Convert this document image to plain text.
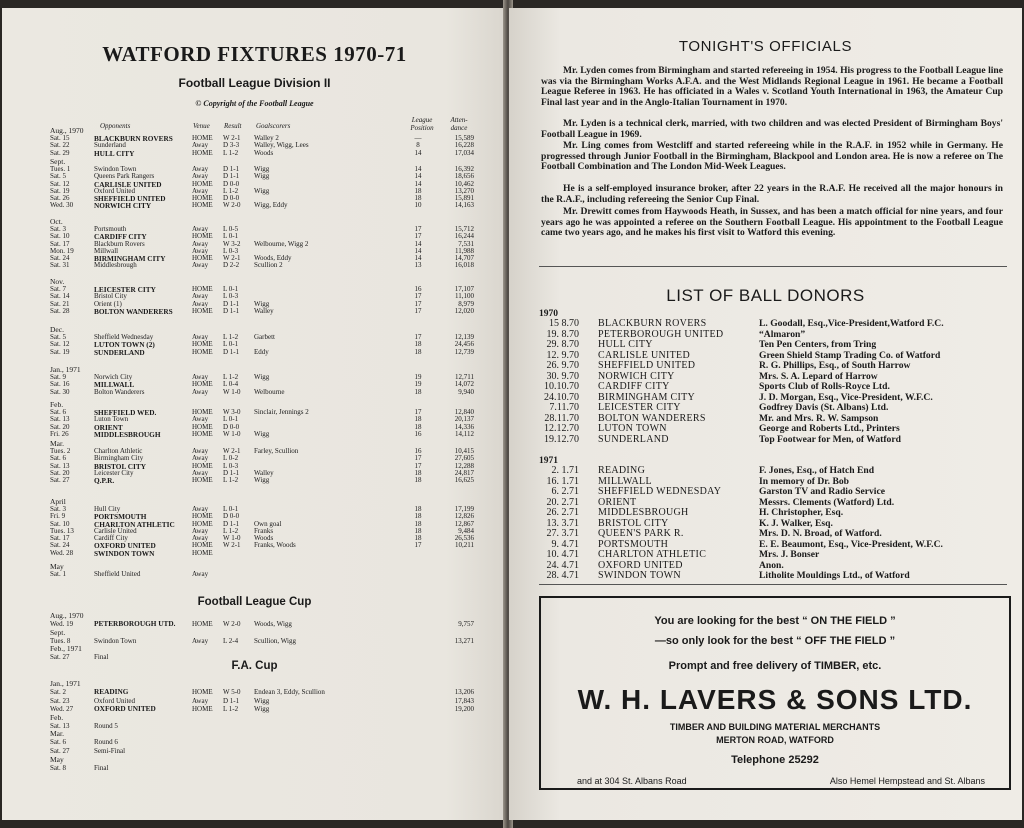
WATFORD FIXTURES 1970-71
Football League Division II
© Copyright of the Football League
Opponents	Venue Result Goalscorers
League Position
Atten- dance
Aug., 1970
Sat. 15	BLACKBURN ROVERS	HOME W 2-1 Walley 2	—	15,589
Sat. 22	Sunderland	Away D 3-3 Walley, Wigg, Lees	8	16,228
Sat. 29	HULL CITY	HOME L 1-2 Woods	14	17,034
Sept.
Tues. 1	Swindon Town	Away D 1-1 Wigg	14	16,392
Sat. 5	Queens Park Rangers	Away D 1-1 Wigg	14	18,656
Sat. 12	CARLISLE UNITED	HOME D 0-0	14	10,462
Sat. 19	Oxford United	Away L 1-2 Wigg	18	13,270
Sat. 26	SHEFFIELD UNITED	HOME D 0-0	18	15,891
Wed. 30	NORWICH CITY	HOME W 2-0 Wigg, Eddy	10	14,163
Oct.
Sat. 3	Portsmouth	Away L 0-5	17	15,712
Sat. 10	CARDIFF CITY	HOME L 0-1	17	16,244
Sat. 17	Blackburn Rovers	Away W 3-2 Welbourne, Wigg 2	14	7,531
Mon. 19	Millwall	Away L 0-3	14	11,988
Sat. 24	BIRMINGHAM CITY	HOME W 2-1 Woods, Eddy	14	14,707
Sat. 31	Middlesbrough	Away D 2-2 Scullion 2	13	16,018
Nov.
Sat. 7	LEICESTER CITY	HOME L 0-1	16	17,107
Sat. 14	Bristol City	Away L 0-3	17	11,100
Sat. 21	Orient (1)	Away D 1-1 Wigg	17	8,979
Sat. 28	BOLTON WANDERERS	HOME D 1-1 Walley	17	12,020
Dec.
Sat. 5	Sheffield Wednesday	Away L 1-2 Garbett	17	12,139
Sat. 12	LUTON TOWN (2)	HOME L 0-1	18	24,456
Sat. 19	SUNDERLAND	HOME D 1-1 Eddy	18	12,739
Jan., 1971
Sat. 9	Norwich City	Away L 1-2 Wigg	19	12,711
Sat. 16	MILLWALL	HOME L 0-4	19	14,072
Sat. 30	Bolton Wanderers	Away W 1-0 Welbourne	18	9,940
Feb.
Sat. 6	SHEFFIELD WED.	HOME W 3-0 Sinclair, Jennings 2	17	12,840
Sat. 13	Luton Town	Away L 0-1	18	20,137
Sat. 20	ORIENT	HOME D 0-0	18	14,336
Fri. 26	MIDDLESBROUGH	HOME W 1-0 Wigg	16	14,112
Mar.
Tues. 2	Charlton Athletic	Away W 2-1 Farley, Scullion	16	10,415
Sat. 6	Birmingham City	Away L 0-2	17	27,605
Sat. 13	BRISTOL CITY	HOME L 0-3	17	12,288
Sat. 20	Leicester City	Away D 1-1 Walley	18	24,817
Sat. 27	Q.P.R.	HOME L 1-2 Wigg	18	16,625
April
Sat. 3	Hull City	Away L 0-1	18	17,199
Fri. 9	PORTSMOUTH	HOME D 0-0	18	12,826
Sat. 10	CHARLTON ATHLETIC HOME D 1-1 Own goal	18	12,867
Tues. 13	Carlisle United	Away L 1-2 Franks	18	9,484
Sat. 17	Cardiff City	Away W 1-0 Woods	18	26,536
Sat. 24	OXFORD UNITED	HOME W 2-1 Franks, Woods	17	10,211
Wed. 28	SWINDON TOWN	HOME
May
Sat. 1	Sheffield United	Away
Football League Cup
Aug., 1970
Wed. 19	PETERBOROUGH UTD. HOME W 2-0 Woods, Wigg	9,757
Sept.
Tues. 8	Swindon Town	Away L 2-4 Scullion, Wigg	13,271
Feb., 1971
Sat. 27	Final
F.A. Cup
Jan., 1971
Sat. 2	READING	HOME W 5-0 Endean 3, Eddy, Scullion	13,206
Sat. 23	Oxford United	Away D 1-1 Wigg	17,843
Wed. 27	OXFORD UNITED	HOME L 1-2 Wigg	19,200
Feb.
Sat. 13	Round 5
Mar.
Sat. 6	Round 6
Sat. 27	Semi-Final
May
Sat. 8	Final
TONIGHT'S OFFICIALS

Mr. Lyden comes from Birmingham and started refereeing in 1954. His progress to the Football League line was via the Birmingham Works A.F.A. and the West Midlands Regional League in 1961. He became a Football League Referee in 1963. He has officiated in a Wales v. Scotland Youth International in 1963, the Amateur Cup Final last year and in the Anglo-Italian Tournament in 1970.

Mr. Lyden is a technical clerk, married, with two children and was elected President of Birmingham Boys' Football League in 1969.

Mr. Ling comes from Westcliff and started refereeing while in the R.A.F. in 1952 while in Germany. He progressed through Junior Football in the Birmingham, Blackpool and London area. He is now a referee on The Football Combination and The London Mid-Week Leagues.

He is a self-employed insurance broker, after 22 years in the R.A.F. He received all the major honours in the R.A.F., including refereeing the Senior Cup Final.

Mr. Drewitt comes from Haywoods Heath, in Sussex, and has been a match official for nine years, and four years ago he was appointed a referee on the Southern Football League. His appointment to the Football League came two years ago, and he makes his first visit to Watford this evening.

LIST OF BALL DONORS
1970
15 8.70 BLACKBURN ROVERS	L. Goodall, Esq.,Vice-President,Watford F.C.
19. 8.70 PETERBOROUGH UNITED	“Almaron”
29. 8.70 HULL CITY	Ten Pen Centers, from Tring
12. 9.70 CARLISLE UNITED	Green Shield Stamp Trading Co. of Watford
26. 9.70 SHEFFIELD UNITED	R. G. Phillips, Esq., of South Harrow
30. 9.70 NORWICH CITY	Mrs. S. A. Lepard of Harrow
10.10.70 CARDIFF CITY	Sports Club of Rolls-Royce Ltd.
24.10.70 BIRMINGHAM CITY	J. D. Morgan, Esq., Vice-President, W.F.C.
7.11.70 LEICESTER CITY	Godfrey Davis (St. Albans) Ltd.
28.11.70 BOLTON WANDERERS	Mr. and Mrs. R. W. Sampson
12.12.70 LUTON TOWN	George and Roberts Ltd., Printers
19.12.70 SUNDERLAND	Top Footwear for Men, of Watford
1971
2. 1.71 READING	F. Jones, Esq., of Hatch End
16. 1.71 MILLWALL	In memory of Dr. Bob
6. 2.71 SHEFFIELD WEDNESDAY	Garston TV and Radio Service
20. 2.71 ORIENT	Messrs. Clements (Watford) Ltd.
26. 2.71 MIDDLESBROUGH	H. Christopher, Esq.
13. 3.71 BRISTOL CITY	K. J. Walker, Esq.
27. 3.71 QUEEN'S PARK R.	Mrs. D. N. Broad, of Watford.
9. 4.71 PORTSMOUTH	E. E. Beaumont, Esq., Vice-President, W.F.C.
10. 4.71 CHARLTON ATHLETIC	Mrs. J. Bonser
24. 4.71 OXFORD UNITED	Anon.
28. 4.71 SWINDON TOWN	Litholite Mouldings Ltd., of Watford
You are looking for the best “ ON THE FIELD ”
—so only look for the best “ OFF THE FIELD ”
Prompt and free delivery of TIMBER, etc.
W. H. LAVERS & SONS LTD.
TIMBER AND BUILDING MATERIAL MERCHANTS
MERTON ROAD, WATFORD
Telephone 25292
and at 304 St. Albans Road	Also Hemel Hempstead and St. Albans
